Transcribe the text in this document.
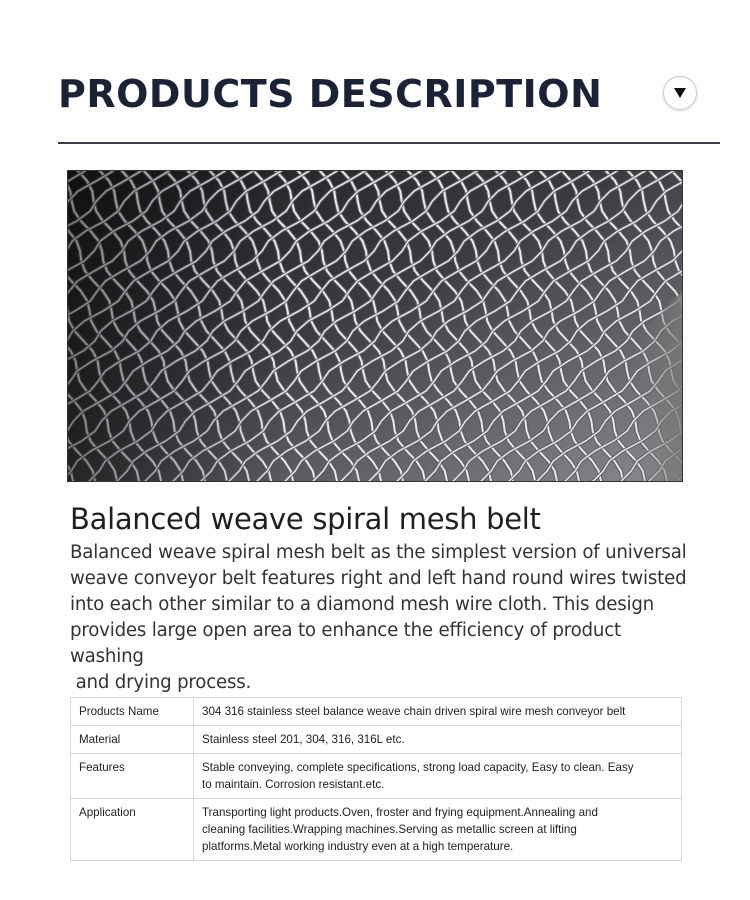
PRODUCTS DESCRIPTION
Balanced weave spiral mesh belt

Balanced weave spiral mesh belt as the simplest version of universal
weave conveyor belt features right and left hand round wires twisted
into each other similar to a diamond mesh wire cloth. This design
provides large open area to enhance the efficiency of product washing
and drying process.

Products Name	304 316 stainless steel balance weave chain driven spiral wire mesh conveyor belt
Material	Stainless steel 201, 304, 316, 316L etc.
Features	Stable conveying, complete specifications, strong load capacity, Easy to clean. Easy
to maintain. Corrosion resistant.etc.
Application	Transporting light products.Oven, froster and frying equipment.Annealing and
cleaning facilities.Wrapping machines.Serving as metallic screen at lifting
platforms.Metal working industry even at a high temperature.
